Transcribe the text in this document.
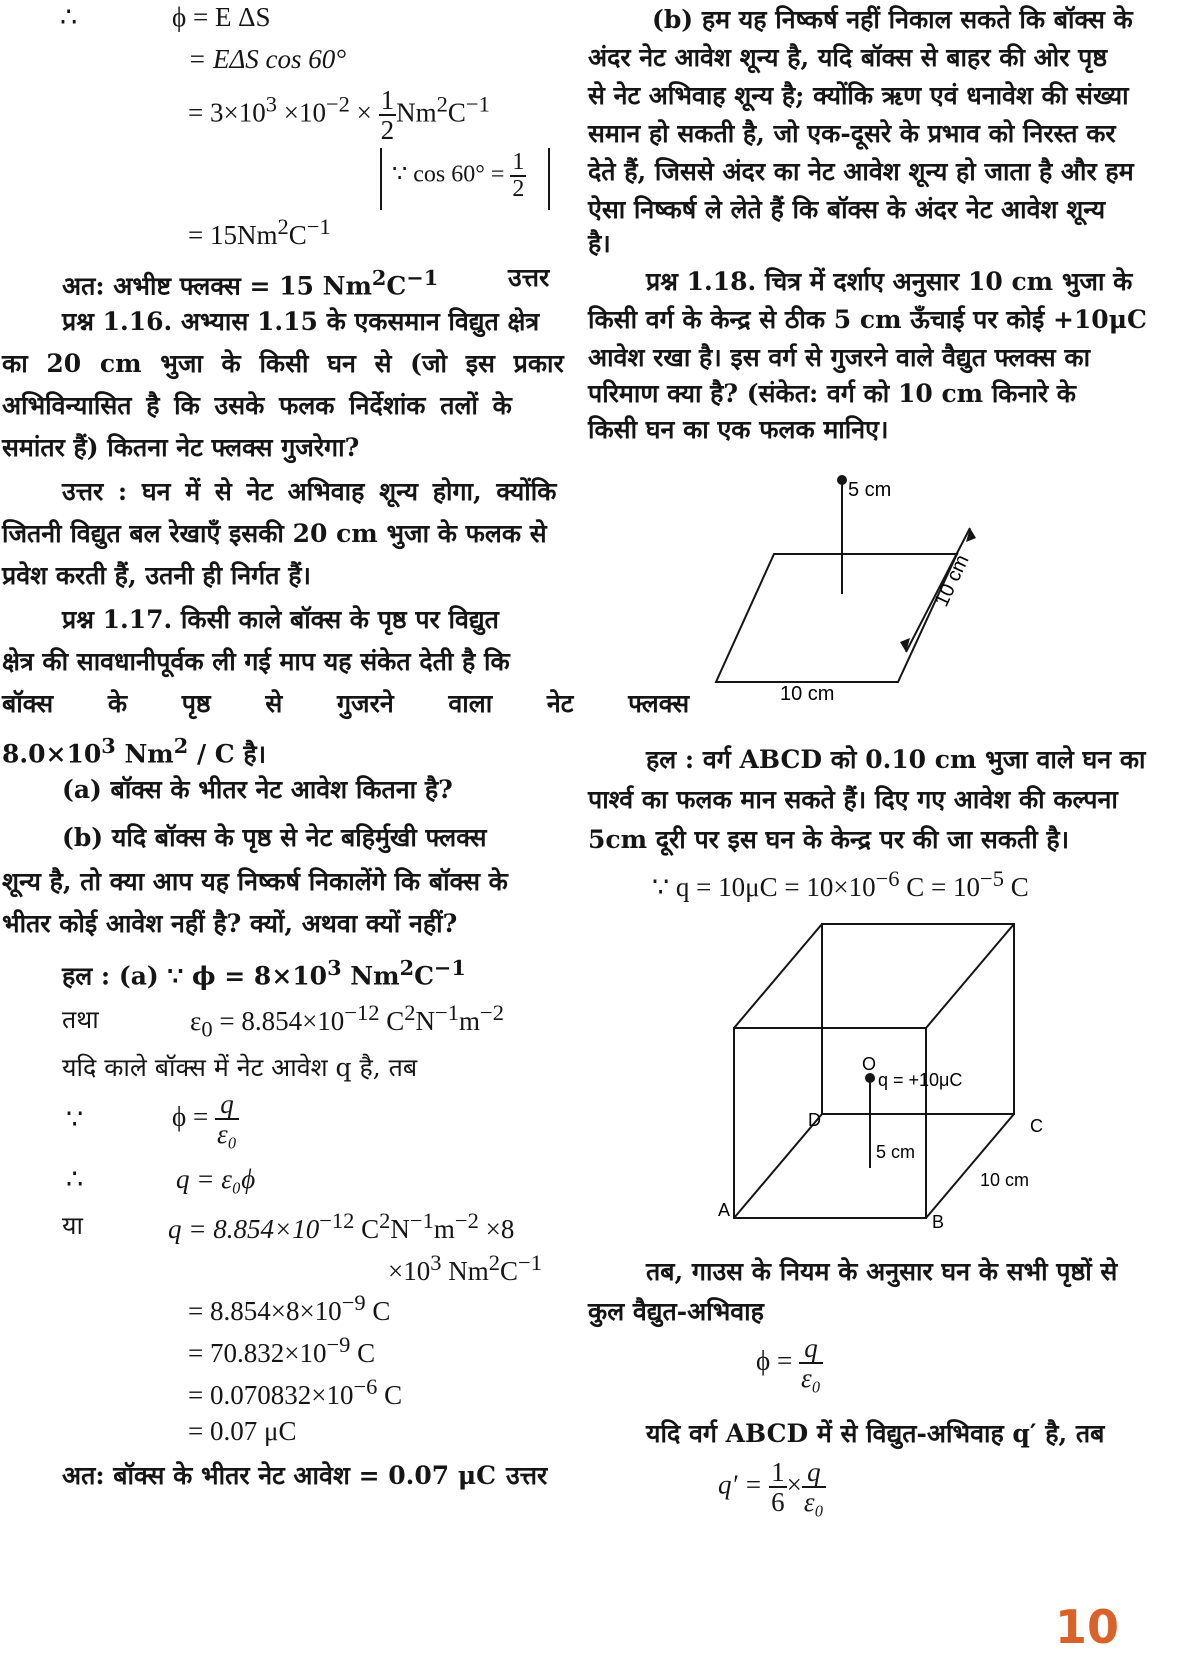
∴	ϕ = E ΔS
= EΔS cos 60°
= $3\times 10^3 \times 10^{-2} \times \frac{1}{2} Nm^2C^{-1}$
∵ $\cos 60^\circ = \frac{1}{2}$
= $15Nm^2C^{-1}$
अत: अभीष्ट फ्लक्स = 15 $Nm^2C^{-1}$	उत्तर
प्रश्न 1.16. अभ्यास 1.15 के एकसमान विद्युत क्षेत्र
का 20 cm भुजा के किसी घन से (जो इस प्रकार
अभिविन्यासित है कि उसके फलक निर्देशांक तलों के
समांतर हैं) कितना नेट फ्लक्स गुजरेगा?
उत्तर : घन में से नेट अभिवाह शून्य होगा, क्योंकि
जितनी विद्युत बल रेखाएँ इसकी 20 cm भुजा के फलक से
प्रवेश करती हैं, उतनी ही निर्गत हैं।
प्रश्न 1.17. किसी काले बॉक्स के पृष्ठ पर विद्युत
क्षेत्र की सावधानीपूर्वक ली गई माप यह संकेत देती है कि
बॉक्स के पृष्ठ से गुजरने वाला नेट फ्लक्स
$8.0\times 10^3$ Nm$^2$ / C है।
(a) बॉक्स के भीतर नेट आवेश कितना है?
(b) यदि बॉक्स के पृष्ठ से नेट बहिर्मुखी फ्लक्स
शून्य है, तो क्या आप यह निष्कर्ष निकालेंगे कि बॉक्स के
भीतर कोई आवेश नहीं है? क्यों, अथवा क्यों नहीं?
हल : (a) ∵ $\phi = 8\times 10^3$ $Nm^2C^{-1}$
तथा	$\varepsilon_0 = 8.854\times 10^{-12}$ $C^2N^{-1}m^{-2}$
यदि काले बॉक्स में नेट आवेश q है, तब
∵	$\phi = \frac{q}{\text{ε₀}}$
∴	q = ε₀ϕ
या	$q = 8.854\times 10^{-12}$ $C^2N^{-1}m^{-2} \times 8$
$\times 10^3$ $Nm^2C^{-1}$
= $8.854\times 8\times 10^{-9}$ C
= $70.832\times 10^{-9}$ C
= $0.070832\times 10^{-6}$ C
= 0.07 μC
अत: बॉक्स के भीतर नेट आवेश = 0.07 μC उत्तर
(b) हम यह निष्कर्ष नहीं निकाल सकते कि बॉक्स के
अंदर नेट आवेश शून्य है, यदि बॉक्स से बाहर की ओर पृष्ठ
से नेट अभिवाह शून्य है; क्योंकि ऋण एवं धनावेश की संख्या
समान हो सकती है, जो एक-दूसरे के प्रभाव को निरस्त कर
देते हैं, जिससे अंदर का नेट आवेश शून्य हो जाता है और हम
ऐसा निष्कर्ष ले लेते हैं कि बॉक्स के अंदर नेट आवेश शून्य
है।
प्रश्न 1.18. चित्र में दर्शाए अनुसार 10 cm भुजा के
किसी वर्ग के केन्द्र से ठीक 5 cm ऊँचाई पर कोई +10μC
आवेश रखा है। इस वर्ग से गुजरने वाले वैद्युत फ्लक्स का
परिमाण क्या है? (संकेत: वर्ग को 10 cm किनारे के
किसी घन का एक फलक मानिए।
5 cm
10 cm
10 cm
हल : वर्ग ABCD को 0.10 cm भुजा वाले घन का
पार्श्व का फलक मान सकते हैं। दिए गए आवेश की कल्पना
5cm दूरी पर इस घन के केन्द्र पर की जा सकती है।
∵ $q = 10\mu C = 10\times 10^{-6}$ $C = 10^{-5}$ C
O
q = +10μC
D	C
5 cm
10 cm
A
B
तब, गाउस के नियम के अनुसार घन के सभी पृष्ठों से
कुल वैद्युत-अभिवाह
$\phi = \frac{q}{\text{ε₀}}$
यदि वर्ग ABCD में से विद्युत-अभिवाह q′ है, तब
$q' = \frac{1}{6} \times \frac{q}{\text{ε₀}}$
10
